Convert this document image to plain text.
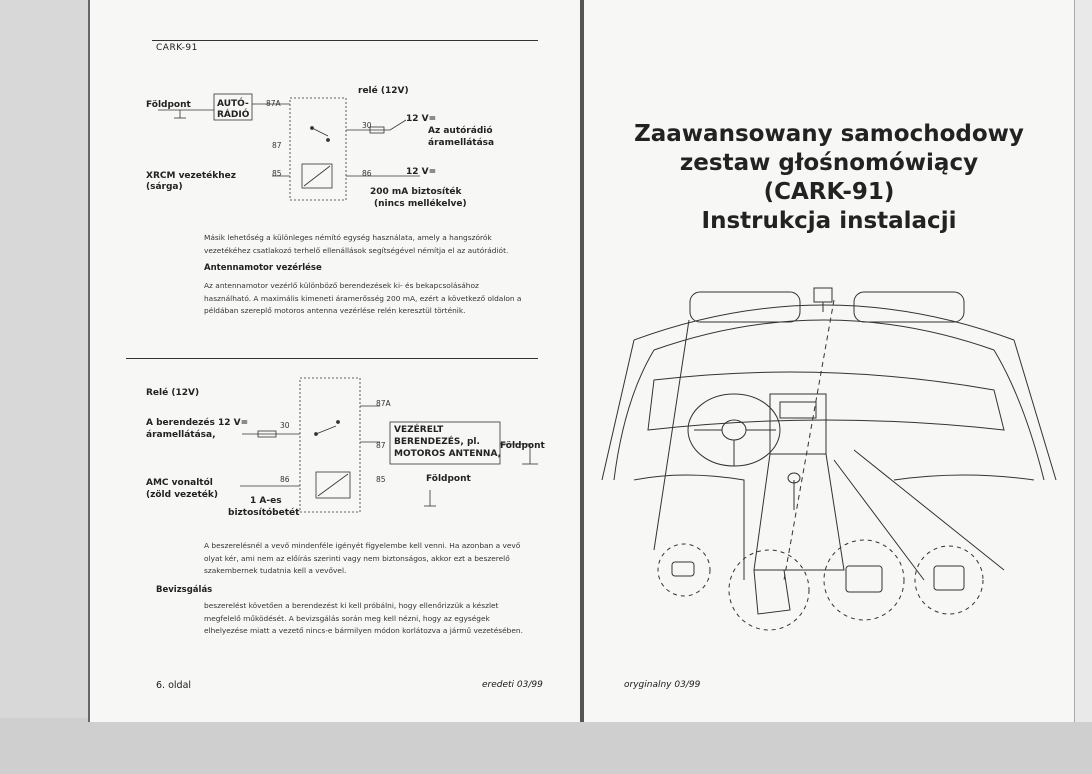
CARK-91
Földpont	AUTÓ-
RÁDIÓ
87A
87
85
relé (12V)
30
86
12 V=
Az autórádió
áramellátása
12 V=
200 mA biztosíték
(nincs mellékelve)
XRCM vezetékhez
(sárga)
Másik lehetőség a különleges némító egység használata, amely a hangszórók vezetékéhez csatlakozó terhelő ellenállások segítségével némítja el az autórádiót.
Antennamotor vezérlése
Az antennamotor vezérlő különböző berendezések ki- és bekapcsolásához használható. A maximális kimeneti áramerősség 200 mA, ezért a következő oldalon a példában szereplő motoros antenna vezérlése relén keresztül történik.
Relé (12V)
A berendezés
áramellátása,
12 V=	30
87A
87
86	85
VEZÉRELT
BERENDEZÉS, pl.
MOTOROS ANTENNA,
Földpont
Földpont
AMC vonaltól
(zöld vezeték)
1 A-es
biztosítóbetét
A beszerelésnél a vevő mindenféle igényét figyelembe kell venni. Ha azonban a vevő olyat kér, ami nem az előírás szerinti vagy nem biztonságos, akkor ezt a beszerelő szakembernek tudatnia kell a vevővel.
Bevizsgálás
beszerelést követően a berendezést ki kell próbálni, hogy ellenőrizzük a készlet megfelelő működését. A bevizsgálás során meg kell nézni, hogy az egységek elhelyezése miatt a vezető nincs-e bármilyen módon korlátozva a jármű vezetésében.
6. oldal	eredeti 03/99
Zaawansowany samochodowy
zestaw głośnomówiący
(CARK-91)
Instrukcja instalacji
oryginalny 03/99
